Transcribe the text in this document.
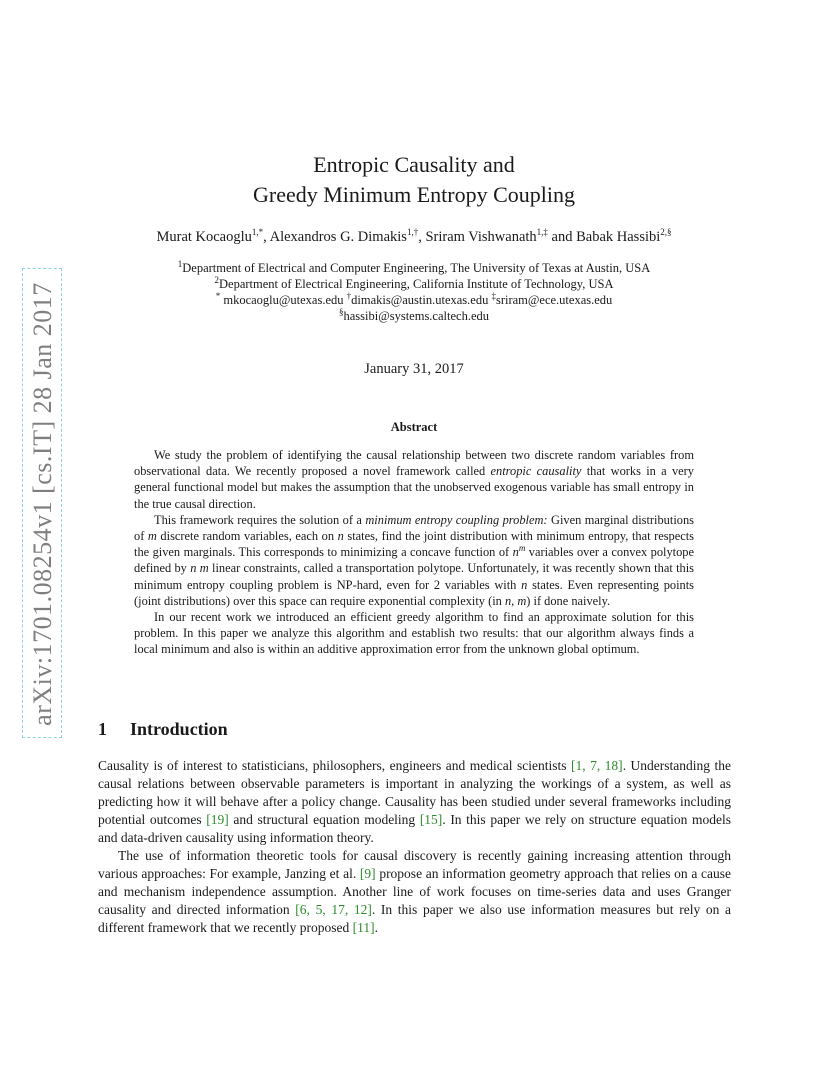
arXiv:1701.08254v1 [cs.IT] 28 Jan 2017
Entropic Causality and
Greedy Minimum Entropy Coupling
Murat Kocaoglu$^{1,*}$, Alexandros G. Dimakis$^{1,\dagger}$, Sriram Vishwanath$^{1,\ddagger}$ and Babak Hassibi$^{2,\S}$
$^1$Department of Electrical and Computer Engineering, The University of Texas at Austin, USA
$^2$Department of Electrical Engineering, California Institute of Technology, USA
* mkocaoglu@utexas.edu †dimakis@austin.utexas.edu ‡sriram@ece.utexas.edu
§hassibi@systems.caltech.edu
January 31, 2017
Abstract

We study the problem of identifying the causal relationship between two discrete random variables from observational data. We recently proposed a novel framework called entropic causality that works in a very general functional model but makes the assumption that the unobserved exogenous variable has small entropy in the true causal direction.

This framework requires the solution of a minimum entropy coupling problem: Given marginal distributions of m discrete random variables, each on n states, find the joint distribution with minimum entropy, that respects the given marginals. This corresponds to minimizing a concave function of $n^m$ variables over a convex polytope defined by n m linear constraints, called a transportation polytope. Unfortunately, it was recently shown that this minimum entropy coupling problem is NP-hard, even for 2 variables with n states. Even representing points (joint distributions) over this space can require exponential complexity (in n, m) if done naively.

In our recent work we introduced an efficient greedy algorithm to find an approximate solution for this problem. In this paper we analyze this algorithm and establish two results: that our algorithm always finds a local minimum and also is within an additive approximation error from the unknown global optimum.

1 Introduction

Causality is of interest to statisticians, philosophers, engineers and medical scientists [1, 7, 18]. Understanding the causal relations between observable parameters is important in analyzing the workings of a system, as well as predicting how it will behave after a policy change. Causality has been studied under several frameworks including potential outcomes [19] and structural equation modeling [15]. In this paper we rely on structure equation models and data-driven causality using information theory.

The use of information theoretic tools for causal discovery is recently gaining increasing attention through various approaches: For example, Janzing et al. [9] propose an information geometry approach that relies on a cause and mechanism independence assumption. Another line of work focuses on time-series data and uses Granger causality and directed information [6, 5, 17, 12]. In this paper we also use information measures but rely on a different framework that we recently proposed [11].
